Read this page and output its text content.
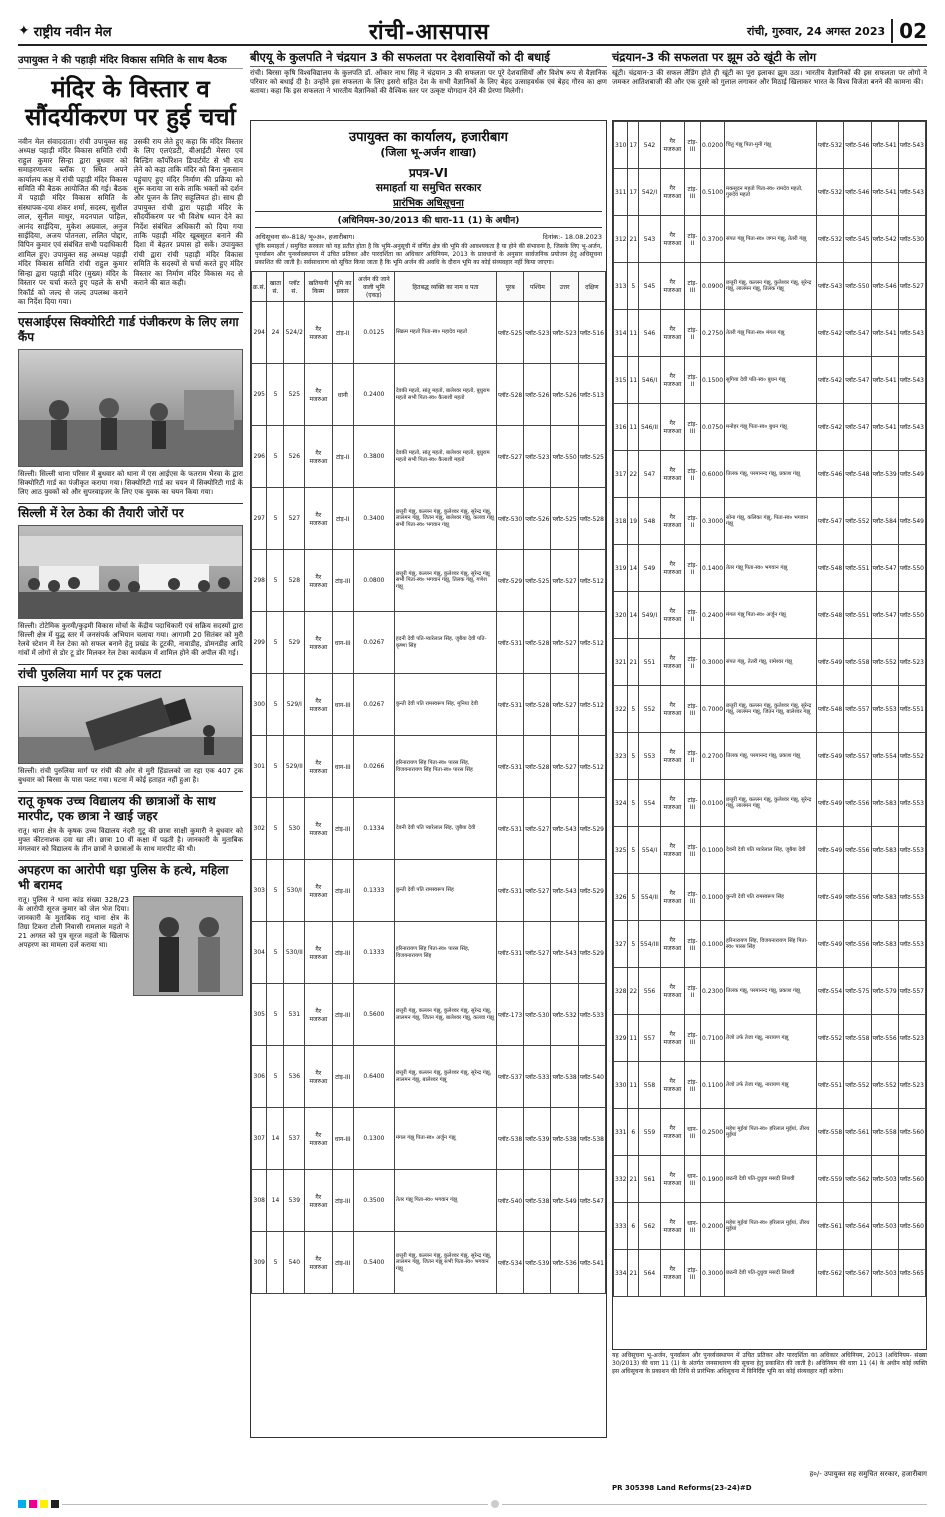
✦ राष्ट्रीय नवीन मेल	रांची-आसपास	रांची, गुरुवार, 24 अगस्त 2023 02
उपायुक्त ने की पहाड़ी मंदिर विकास समिति के साथ बैठक
मंदिर के विस्तार व सौंदर्यीकरण पर हुई चर्चा
नवीन मेल संवाददाता। रांची उपायुक्त सह अध्यक्ष पहाड़ी मंदिर विकास समिति रांची राहुल कुमार सिन्हा द्वारा बुधवार को समाहरणालय ब्लॉक ए स्थित अपने कार्यालय कक्ष में रांची पहाड़ी मंदिर विकास समिति की बैठक आयोजित की गई। बैठक में पहाड़ी मंदिर विकास समिति के संस्थापक-दया शंकर शर्मा, सदस्य, सुशील लाल, सुनील माथुर, मदनपाल पाहिल, आनंद साईदिया, मुकेश अग्रवाल, अनुज साईदिया, अजय पोतनला, ललित पोद्दार, विपिन कुमार एवं संबंधित सभी पदाधिकारी शामिल हुए। उपायुक्त सह अध्यक्ष पहाड़ी मंदिर विकास समिति रांची राहुल कुमार सिन्हा द्वारा पहाड़ी मंदिर (मुख्य) मंदिर के विस्तार पर चर्चा करते हुए पहले के सभी रिकॉर्ड को जल्द से जल्द उपलब्ध कराने का निर्देश दिया गया।
उसकी राय लेते हुए कहा कि मंदिर विस्तार के लिए एलएंडटी, बीआईटी मेसरा एवं बिल्डिंग कॉर्पोरेशन डिपार्टमेंट से भी राय लेने को कहा ताकि मंदिर को बिना नुकसान पहुंचाए हुए मंदिर निर्माण की प्रक्रिया को शुरू कराया जा सके ताकि भक्तों को दर्शन और पूजन के लिए सहूलियत हो। साथ ही उपायुक्त रांची द्वारा पहाड़ी मंदिर के सौंदर्यीकरण पर भी विशेष ध्यान देने का निर्देश संबंधित अधिकारी को दिया गया ताकि पहाड़ी मंदिर खूबसूरत बनाने की दिशा में बेहतर प्रयास हो सकें। उपायुक्त रांची द्वारा रांची पहाड़ी मंदिर विकास समिति के सदस्यों से चर्चा करते हुए मंदिर विस्तार का निर्माण मंदिर विकास मद से कराने की बात कही।
एसआईएस सिक्योरिटी गार्ड पंजीकरण के लिए लगा कैंप
सिल्ली। सिल्ली थाना परिसर में बुधवार को थाना में एस आईएस के फतराम भैरवा के द्वारा सिक्योरिटी गार्ड का पंजीकृत कराया गया। सिक्योरिटी गार्ड का चयन में सिक्योरिटी गार्ड के लिए आठ युवकों को और सुपरवाइजर के लिए एक युवक का चयन किया गया।
सिल्ली में रेल ठेका की तैयारी जोरों पर
सिल्ली। टोटेमिक कुरमी/कुड़मी विकास मोर्चा के केंद्रीय पदाधिकारी एवं सक्रिय सदस्यों द्वारा सिल्ली क्षेत्र में युद्ध स्तर में जनसंपर्क अभियान चलाया गया। आगामी 20 सितंबर को मुरी रेलवे स्टेशन में रेल टेका को सफल बनाने हेतु प्रखंड के टूटकी, नावाडीह, डोमनडीह आदि गांवों में लोगों से डोर टू डोर मिलकर रेल टेका कार्यक्रम में शामिल होने की अपील की गई।
रांची पुरुलिया मार्ग पर ट्रक पलटा
सिल्ली। रांची पुरुलिया मार्ग पर रांची की ओर से मुरी हिंडालको जा रहा एक 407 ट्रक बुधवार को बिरसा के पास पलट गया। घटना में कोई हताहत नहीं हुआ है।
रातू कृषक उच्च विद्यालय की छात्राओं के साथ मारपीट, एक छात्रा ने खाई जहर
रातू। थाना क्षेत्र के कृषक उच्च विद्यालय नंदरी गुटू की छात्रा साक्षी कुमारी ने बुधवार को मुफ्त कीटनाशक दवा खा ली। छात्रा 10 वीं कक्षा में पढ़ती है। जानकारी के मुताबिक मंगलवार को विद्यालय के तीन छात्रों ने छात्राओं के साथ मारपीट की थी।
अपहरण का आरोपी धड़ा पुलिस के हत्थे, महिला भी बरामद
रातू। पुलिस ने थाना कांड संख्या 328/23 के आरोपी सूरज कुमार को जेल भेज दिया। जानकारी के मुताबिक रातू थाना क्षेत्र के तिग्रा टिकरा टोली निवासी रामलाल महतो ने 21 अगस्त को पुत्र सूरज महतो के खिलाफ अपहरण का मामला दर्ज कराया था।
बीएयू के कुलपति ने चंद्रयान 3 की सफलता पर देशवासियों को दी बधाई
रांची। बिरसा कृषि विश्वविद्यालय के कुलपति डॉ. ओंकार नाथ सिंह ने चंद्रयान 3 की सफलता पर पूरे देशवासियों और विशेष रूप से वैज्ञानिक परिवार को बधाई दी है। उन्होंने इस सफलता के लिए इसरो सहित देश के सभी वैज्ञानिकों के लिए बेहद उत्साहवर्धक एवं बेहद गौरव का क्षण बताया। कहा कि इस सफलता ने भारतीय वैज्ञानिकों की वैश्विक स्तर पर उत्कृष्ट योगदान देने की प्रेरणा मिलेगी।
चंद्रयान-3 की सफलता पर झूम उठे खूंटी के लोग
खूंटी। चंद्रयान-3 की सफल लैंडिंग होते ही खूंटी का पूरा इलाका झूम उठा। भारतीय वैज्ञानिकों की इस सफलता पर लोगों ने जमकर आतिशबाजी की और एक दूसरे को गुलाल लगाकर और मिठाई खिलाकर भारत के विश्व विजेता बनने की कामना की।
उपायुक्त का कार्यालय, हजारीबाग
(जिला भू-अर्जन शाखा)
प्रपत्र-VI
समाहर्ता या समुचित सरकार
प्रारंभिक अधिसूचना
(अधिनियम-30/2013 की धारा-11 (1) के अधीन)
अधिसूचना सं०-818/ भू०अ०, हजारीबाग।	दिनांक:- 18.08.2023
चूंकि समाहर्ता / समुचित सरकार को यह प्रतीत होता है कि भूमि-अनुसूची में वर्णित क्षेत्र की भूमि की आवश्यकता है या होने की संभावना है, जिसके लिए भू-अर्जन, पुनर्वासन और पुनर्व्यवस्थापन में उचित प्रतिकर और पारदर्शिता का अधिकार अधिनियम, 2013 के प्रावधानों के अनुसार सार्वजनिक प्रयोजन हेतु अधिसूचना प्रकाशित की जाती है। सर्वसाधारण को सूचित किया जाता है कि भूमि अर्जन की अवधि के दौरान भूमि का कोई संव्यवहार नहीं किया जाएगा।
क्र.सं.	खाता सं.	प्लॉट सं.	खतियानी किस्म	भूमि का प्रकार	अर्जन की जाने वाली भूमि (एकड़)	हितबद्ध व्यक्ति का नाम व पता	पूरब	पश्चिम	उत्तर	दक्षिण
294	24	524/2	गैर मजरुआ	टांड़-II	0.0125	सिक्रम महतो पिता-स्व० महादेव महतो	प्लॉट-525	प्लॉट-523	प्लॉट-523	प्लॉट-516
295	5	525	गैर मजरुआ	धानी	0.2400	देवकी महतो, सांतु महतो, बालेश्वर महतो, बुधुराम महतो सभी पिता-स्व० कैलाशी महतो	प्लॉट-528	प्लॉट-526	प्लॉट-526	प्लॉट-513
296	5	526	गैर मजरुआ	टांड़-II	0.3800	देवकी महतो, सांतु महतो, बालेश्वर महतो, बुधुराम महतो सभी पिता-स्व० कैलाशी महतो	प्लॉट-527	प्लॉट-523	प्लॉट-550	प्लॉट-525
297	5	527	गैर मजरुआ	टांड़-II	0.3400	छत्तुरी गंझू, कल्लन गंझू, कुलेश्वर गंझू, सुरेन्द्र गंझू, लालमन गंझू, जितन गंझू, बालेश्वर गंझू, कलवा गंझू सभी पिता-स्व० भगवान गंझू	प्लॉट-530	प्लॉट-526	प्लॉट-525	प्लॉट-528
298	5	528	गैर मजरुआ	टांड़-III	0.0800	छत्तुरी गंझू, कल्लन गंझू, कुलेश्वर गंझू, सुरेन्द्र गंझू सभी पिता-स्व० भगवान गंझू, तिलक गंझू, गणेश गंझू	प्लॉट-529	प्लॉट-525	प्लॉट-527	प्लॉट-512
299	5	529	गैर मजरुआ	धान-III	0.0267	हदनी देवी पति-प्यारेलाल सिंह, जुबैया देवी पति-कृष्णा सिंह	प्लॉट-531	प्लॉट-528	प्लॉट-527	प्लॉट-512
300	5	529/I	गैर मजरुआ	धान-III	0.0267	कुन्ती देवी पति रामस्वरूप सिंह, मुनिया देवी	प्लॉट-531	प्लॉट-528	प्लॉट-527	प्लॉट-512
301	5	529/II	गैर मजरुआ	धान-III	0.0266	हरिनारायण सिंह पिता-स्व० पारस सिंह, विजयनारायण सिंह पिता-स्व० पारस सिंह	प्लॉट-531	प्लॉट-528	प्लॉट-527	प्लॉट-512
302	5	530	गैर मजरुआ	टांड़-III	0.1334	देवनी देवी पति प्यारेलाल सिंह, जुबैया देवी	प्लॉट-531	प्लॉट-527	प्लॉट-543	प्लॉट-529
303	5	530/I	गैर मजरुआ	टांड़-III	0.1333	कुन्ती देवी पति रामस्वरूप सिंह	प्लॉट-531	प्लॉट-527	प्लॉट-543	प्लॉट-529
304	5	530/II	गैर मजरुआ	टांड़-III	0.1333	हरिनारायण सिंह पिता-स्व० पारस सिंह, विजयनारायण सिंह	प्लॉट-531	प्लॉट-527	प्लॉट-543	प्लॉट-529
305	5	531	गैर मजरुआ	टांड़-III	0.5600	छत्तुरी गंझू, कल्लन गंझू, कुलेश्वर गंझू, सुरेन्द्र गंझू, लालमन गंझू, जितन गंझू, बालेश्वर गंझू, कलवा गंझू	प्लॉट-173	प्लॉट-530	प्लॉट-532	प्लॉट-533
306	5	536	गैर मजरुआ	टांड़-III	0.6400	छत्तुरी गंझू, कल्लन गंझू, कुलेश्वर गंझू, सुरेन्द्र गंझू, लालमन गंझू, बालेश्वर गंझू	प्लॉट-537	प्लॉट-533	प्लॉट-538	प्लॉट-540
307	14	537	गैर मजरुआ	धान-III	0.1300	मंगल गंझू पिता-स्व० अर्जुन गंझू	प्लॉट-538	प्लॉट-539	प्लॉट-538	प्लॉट-538
308	14	539	गैर मजरुआ	टांड़-III	0.3500	तेतर गंझू पिता-स्व० भगवान गंझू	प्लॉट-540	प्लॉट-538	प्लॉट-549	प्लॉट-547
309	5	540	गैर मजरुआ	टांड़-III	0.5400	छत्तुरी गंझू, कल्लन गंझू, कुलेश्वर गंझू, सुरेन्द्र गंझू, लालमन गंझू, जितन गंझू सभी पिता-स्व० भगवान गंझू	प्लॉट-534	प्लॉट-539	प्लॉट-536	प्लॉट-541
310	17	542	गैर मजरुआ	टांड़-III	0.0200	चितु गंझू पिता-मुनी गंझू	प्लॉट-532	प्लॉट-546	प्लॉट-541	प्लॉट-543
311	17	542/I	गैर मजरुआ	टांड़-III	0.5100	मकसूदन महतो पिता-स्व० रामदेव महतो, गुरुदेव महतो	प्लॉट-532	प्लॉट-546	प्लॉट-541	प्लॉट-543
312	21	543	गैर मजरुआ	टांड़-II	0.3700	संपत गंझू पिता-स्व० जगन गंझू, तेतरी गंझू	प्लॉट-532	प्लॉट-545	प्लॉट-542	प्लॉट-530
313	5	545	गैर मजरुआ	टांड़-III	0.0900	छत्तुरी गंझू, कल्लन गंझू, कुलेश्वर गंझू, सुरेन्द्र गंझू, लालमन गंझू, तिलक गंझू	प्लॉट-543	प्लॉट-550	प्लॉट-546	प्लॉट-527
314	11	546	गैर मजरुआ	टांड़-II	0.2750	तेतरी गंझू पिता-स्व० मंगल गंझू	प्लॉट-542	प्लॉट-547	प्लॉट-541	प्लॉट-543
315	11	546/I	गैर मजरुआ	टांड़-II	0.1500	सुगिया देवी पति-स्व० बुधन गंझू	प्लॉट-542	प्लॉट-547	प्लॉट-541	प्लॉट-543
316	11	546/II	गैर मजरुआ	टांड़-III	0.0750	मनोहर गंझू पिता-स्व० बुधन गंझू	प्लॉट-542	प्लॉट-547	प्लॉट-541	प्लॉट-543
317	22	547	गैर मजरुआ	टांड़-II	0.6000	तिलक गंझू, परमानन्द गंझू, प्रकाश गंझू	प्लॉट-546	प्लॉट-548	प्लॉट-539	प्लॉट-549
318	19	548	गैर मजरुआ	टांड़-II	0.3000	सोना गंझू, कलिका गंझू, पिता-स्व० भगवान गंझू	प्लॉट-547	प्लॉट-552	प्लॉट-584	प्लॉट-549
319	14	549	गैर मजरुआ	टांड़-II	0.1400	तेतर गंझू पिता-स्व० भगवान गंझू	प्लॉट-548	प्लॉट-551	प्लॉट-547	प्लॉट-550
320	14	549/I	गैर मजरुआ	टांड़-II	0.2400	मंगल गंझू पिता-स्व० अर्जुन गंझू	प्लॉट-548	प्लॉट-551	प्लॉट-547	प्लॉट-550
321	21	551	गैर मजरुआ	टांड़-II	0.3000	संपत गंझू, तेतरी गंझू, रामेश्वर गंझू	प्लॉट-549	प्लॉट-558	प्लॉट-552	प्लॉट-523
322	5	552	गैर मजरुआ	टांड़-III	0.7000	छत्तुरी गंझू, कल्लन गंझू, कुलेश्वर गंझू, सुरेन्द्र गंझू, लालमन गंझू, जितन गंझू, बालेश्वर गंझू	प्लॉट-548	प्लॉट-557	प्लॉट-553	प्लॉट-551
323	5	553	गैर मजरुआ	टांड़-II	0.2700	तिलक गंझू, परमानन्द गंझू, प्रकाश गंझू	प्लॉट-549	प्लॉट-557	प्लॉट-554	प्लॉट-552
324	5	554	गैर मजरुआ	टांड़-III	0.0100	छत्तुरी गंझू, कल्लन गंझू, कुलेश्वर गंझू, सुरेन्द्र गंझू, लालमन गंझू	प्लॉट-549	प्लॉट-556	प्लॉट-583	प्लॉट-553
325	5	554/I	गैर मजरुआ	टांड़-III	0.1000	देवनी देवी पति प्यारेलाल सिंह, जुबैया देवी	प्लॉट-549	प्लॉट-556	प्लॉट-583	प्लॉट-553
326	5	554/II	गैर मजरुआ	टांड़-III	0.1000	कुन्ती देवी पति रामस्वरूप सिंह	प्लॉट-549	प्लॉट-556	प्लॉट-583	प्लॉट-553
327	5	554/III	गैर मजरुआ	टांड़-III	0.1000	हरिनारायण सिंह, विजयनारायण सिंह पिता-स्व० पारस सिंह	प्लॉट-549	प्लॉट-556	प्लॉट-583	प्लॉट-553
328	22	556	गैर मजरुआ	टांड़-II	0.2300	तिलक गंझू, परमानन्द गंझू, प्रकाश गंझू	प्लॉट-554	प्लॉट-575	प्लॉट-579	प्लॉट-557
329	11	557	गैर मजरुआ	टांड़-III	0.7100	तेजो उर्फ तेजा गंझू, नारायण गंझू	प्लॉट-552	प्लॉट-558	प्लॉट-556	प्लॉट-523
330	11	558	गैर मजरुआ	टांड़-III	0.1100	तेजो उर्फ तेजा गंझू, नारायण गंझू	प्लॉट-551	प्लॉट-552	प्लॉट-552	प्लॉट-523
331	6	559	गैर मजरुआ	धान-III	0.2500	महेश मुईयां पिता-स्व० हरिलाल मुईयां, तीरथ मुईयां	प्लॉट-558	प्लॉट-561	प्लॉट-558	प्लॉट-560
332	21	561	गैर मजरुआ	धान-III	0.1900	छठनी देवी पति-दुधुवा मसदी लिशवी	प्लॉट-559	प्लॉट-562	प्लॉट-503	प्लॉट-560
333	6	562	गैर मजरुआ	धान-III	0.2000	महेश मुईयां पिता-स्व० हरिलाल मुईयां, तीरथ मुईयां	प्लॉट-561	प्लॉट-564	प्लॉट-503	प्लॉट-560
334	21	564	गैर मजरुआ	टांड़-III	0.3000	छठनी देवी पति-दुधुवा मसदी लिशवी	प्लॉट-562	प्लॉट-567	प्लॉट-503	प्लॉट-565
यह अधिसूचना भू-अर्जन, पुनर्वासन और पुनर्व्यवस्थापन में उचित प्रतिकर और पारदर्शिता का अधिकार अधिनियम, 2013 (अधिनियम- संख्या 30/2013) की धारा 11 (1) के अंतर्गत जनसाधारण की सूचना हेतु प्रकाशित की जाती है। अधिनियम की धारा 11 (4) के अधीन कोई व्यक्ति इस अधिसूचना के प्रकाशन की तिथि से प्रारंभिक अधिसूचना में विनिर्दिष्ट भूमि का कोई संव्यवहार नहीं करेगा।
ह०/- उपायुक्त सह समुचित सरकार, हजारीबाग
PR 305398 Land Reforms(23-24)#D
